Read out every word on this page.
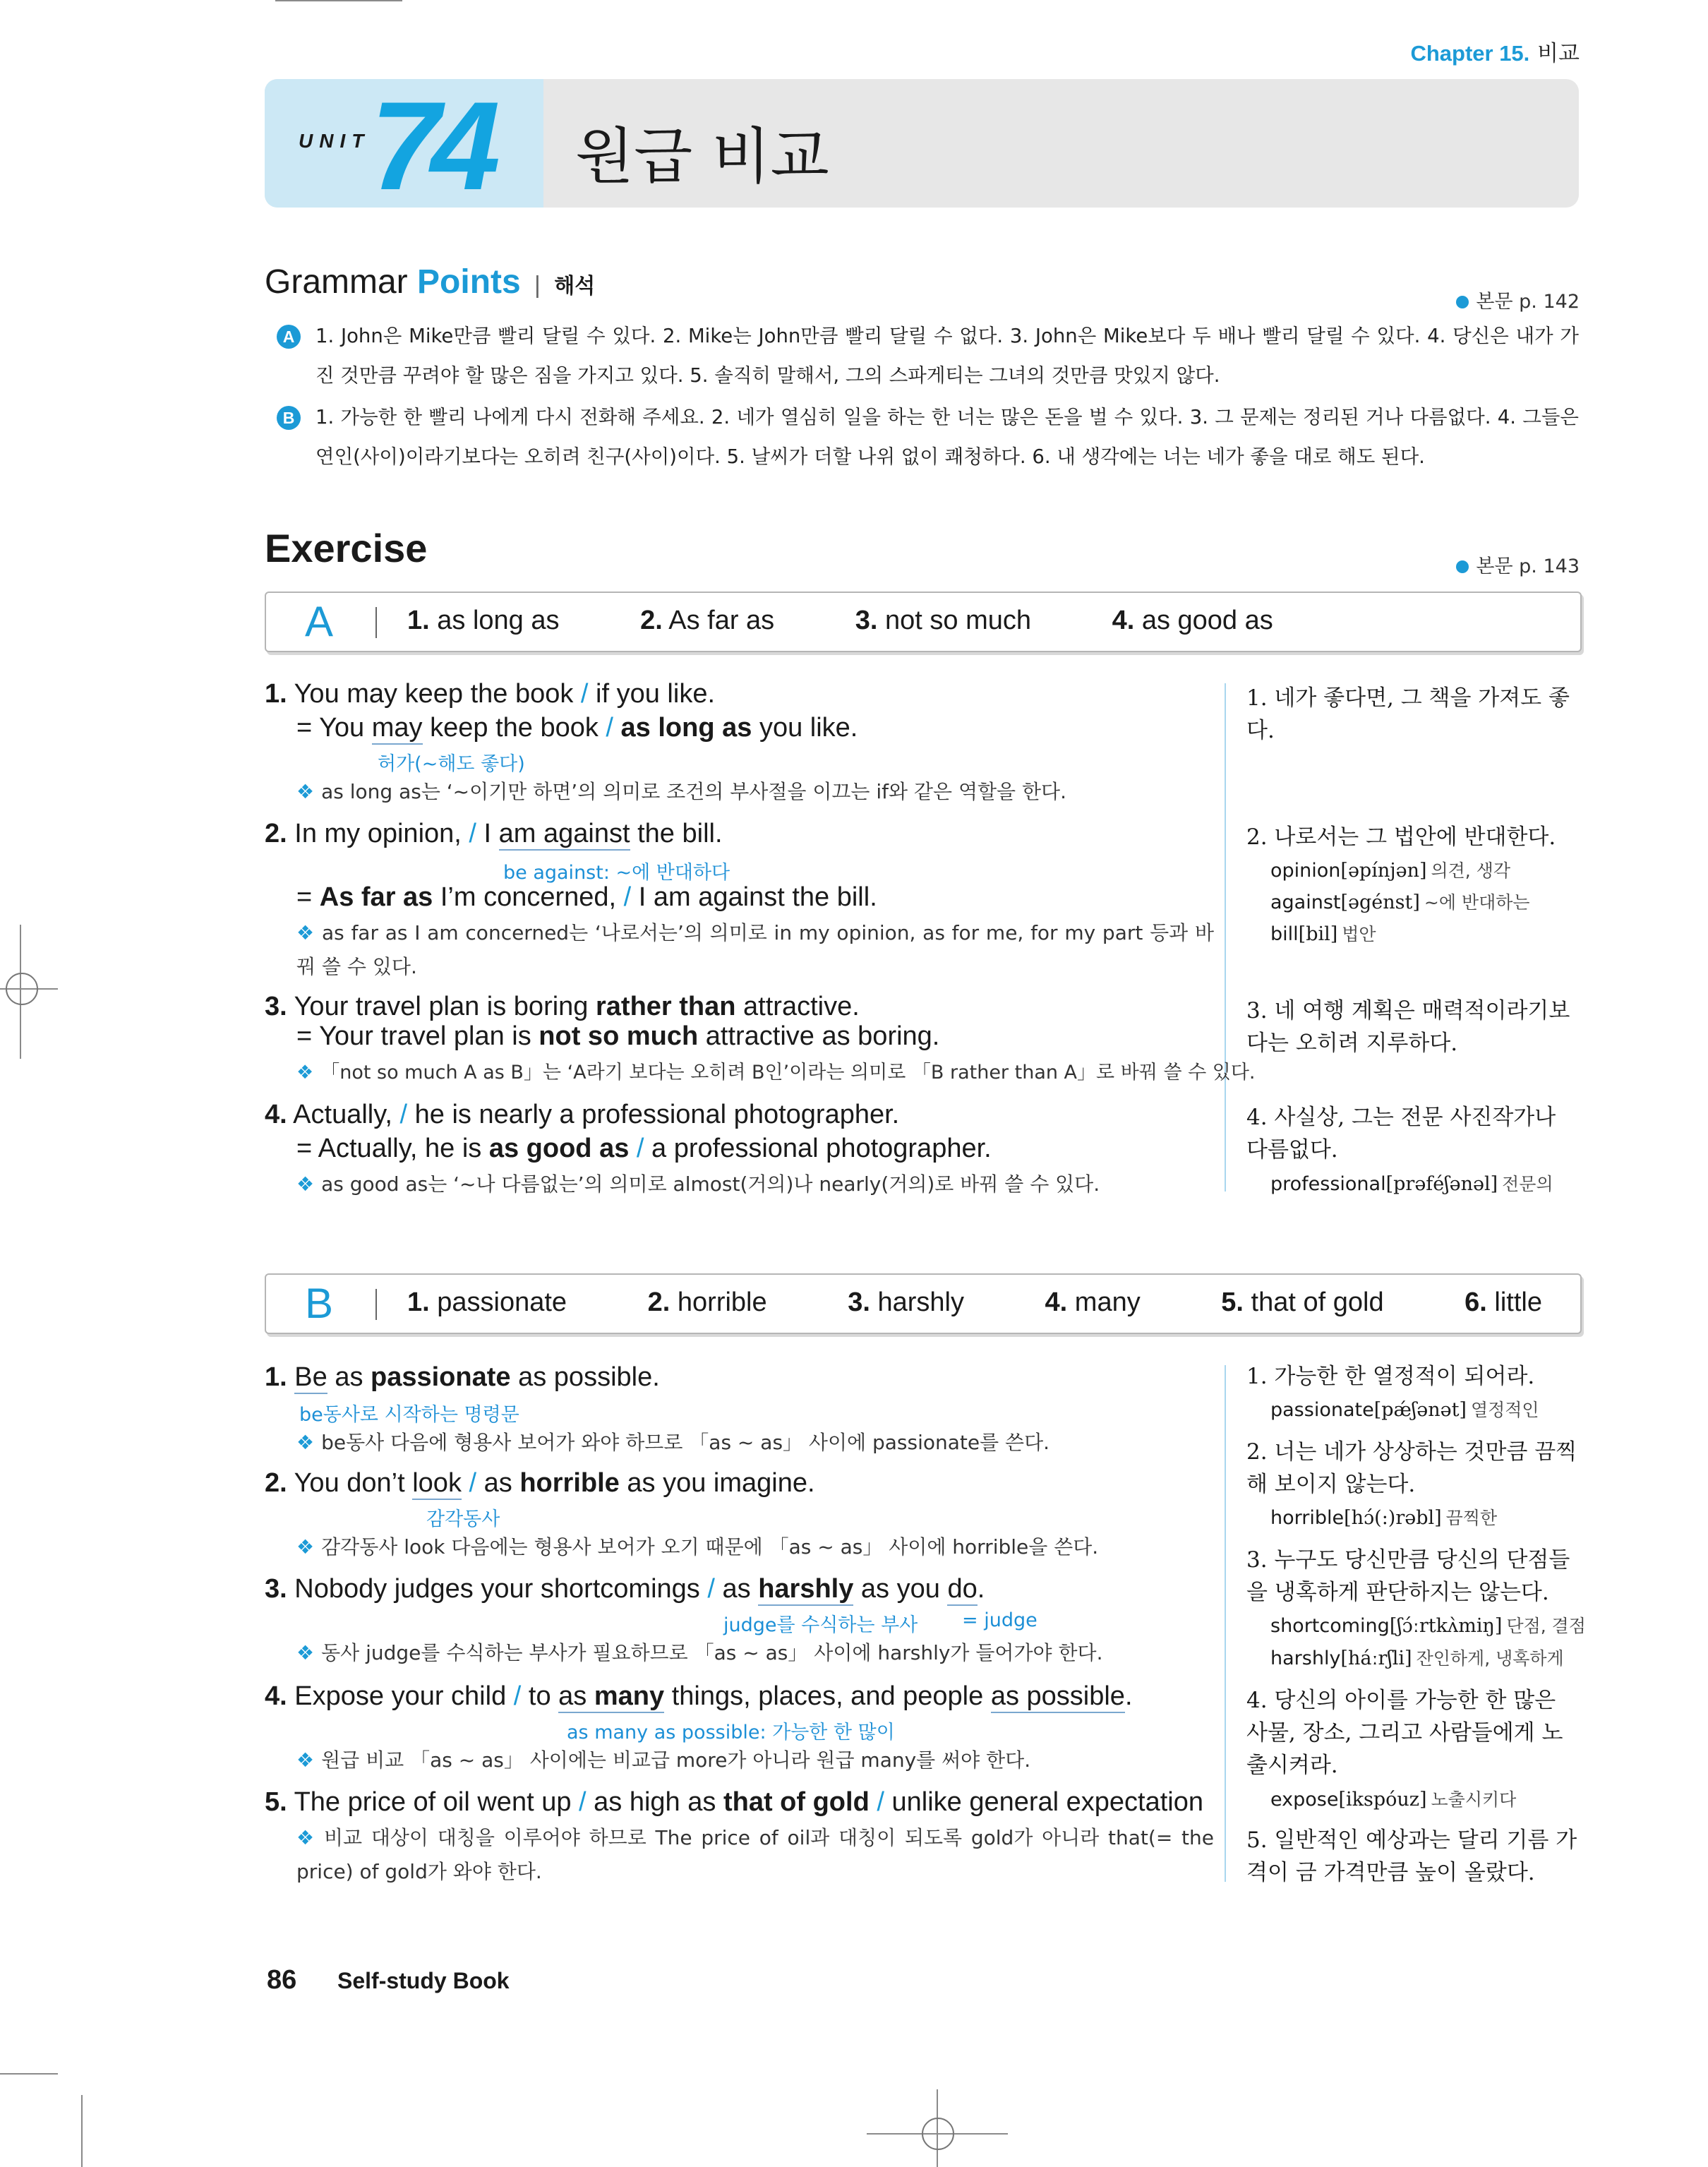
Chapter 15. 비교
UNIT 74 원급 비교
Grammar Points | 해석
본문 p. 142
A	1. John은 Mike만큼 빨리 달릴 수 있다. 2. Mike는 John만큼 빨리 달릴 수 없다. 3. John은 Mike보다 두 배나 빨리 달릴 수 있다. 4. 당신은 내가 가진 것만큼 꾸려야 할 많은 짐을 가지고 있다. 5. 솔직히 말해서, 그의 스파게티는 그녀의 것만큼 맛있지 않다.
B	1. 가능한 한 빨리 나에게 다시 전화해 주세요. 2. 네가 열심히 일을 하는 한 너는 많은 돈을 벌 수 있다. 3. 그 문제는 정리된 거나 다름없다. 4. 그들은 연인(사이)이라기보다는 오히려 친구(사이)이다. 5. 날씨가 더할 나위 없이 쾌청하다. 6. 내 생각에는 너는 네가 좋을 대로 해도 된다.
Exercise	본문 p. 143
A	1. as long as	2. As far as	3. not so much	4. as good as
1. You may keep the book / if you like.
= You may keep the book / as long as you like.
허가(~해도 좋다)
❖ as long as는 ‘~이기만 하면’의 의미로 조건의 부사절을 이끄는 if와 같은 역할을 한다.
2. In my opinion, / I am against the bill.
be against: ~에 반대하다
= As far as I’m concerned, / I am against the bill.
❖ as far as I am concerned는 ‘나로서는’의 의미로 in my opinion, as for me, for my part 등과 바꿔 쓸 수 있다.
3. Your travel plan is boring rather than attractive.
= Your travel plan is not so much attractive as boring.
❖ 「not so much A as B」는 ‘A라기 보다는 오히려 B인’이라는 의미로 「B rather than A」로 바꿔 쓸 수 있다.
4. Actually, / he is nearly a professional photographer.
= Actually, he is as good as / a professional photographer.
❖ as good as는 ‘~나 다름없는’의 의미로 almost(거의)나 nearly(거의)로 바꿔 쓸 수 있다.
1. 네가 좋다면, 그 책을 가져도 좋다.
2. 나로서는 그 법안에 반대한다.
opinion[əpínjən] 의견, 생각
against[əgénst] ~에 반대하는
bill[bil] 법안
3. 네 여행 계획은 매력적이라기보다는 오히려 지루하다.
4. 사실상, 그는 전문 사진작가나 다름없다.
professional[prəféʃənəl] 전문의
B	1. passionate	2. horrible	3. harshly	4. many	5. that of gold	6. little
1. Be as passionate as possible.
be동사로 시작하는 명령문
❖ be동사 다음에 형용사 보어가 와야 하므로 「as ~ as」 사이에 passionate를 쓴다.
2. You don’t look / as horrible as you imagine.
감각동사
❖ 감각동사 look 다음에는 형용사 보어가 오기 때문에 「as ~ as」 사이에 horrible을 쓴다.
3. Nobody judges your shortcomings / as harshly as you do.
judge를 수식하는 부사 = judge
❖ 동사 judge를 수식하는 부사가 필요하므로 「as ~ as」 사이에 harshly가 들어가야 한다.
4. Expose your child / to as many things, places, and people as possible.
as many as possible: 가능한 한 많이
❖ 원급 비교 「as ~ as」 사이에는 비교급 more가 아니라 원급 many를 써야 한다.
5. The price of oil went up / as high as that of gold / unlike general expectation
❖ 비교 대상이 대칭을 이루어야 하므로 The price of oil과 대칭이 되도록 gold가 아니라 that(= the price) of gold가 와야 한다.
1. 가능한 한 열정적이 되어라.
passionate[pǽʃənət] 열정적인
2. 너는 네가 상상하는 것만큼 끔찍해 보이지 않는다.
horrible[hɔ́(:)rəbl] 끔찍한
3. 누구도 당신만큼 당신의 단점들을 냉혹하게 판단하지는 않는다.
shortcoming[ʃɔ́ːrtkʌ̀miŋ] 단점, 결점
harshly[háːrʃli] 잔인하게, 냉혹하게
4. 당신의 아이를 가능한 한 많은 사물, 장소, 그리고 사람들에게 노출시켜라.
expose[ikspóuz] 노출시키다
5. 일반적인 예상과는 달리 기름 가격이 금 가격만큼 높이 올랐다.
86 Self-study Book
